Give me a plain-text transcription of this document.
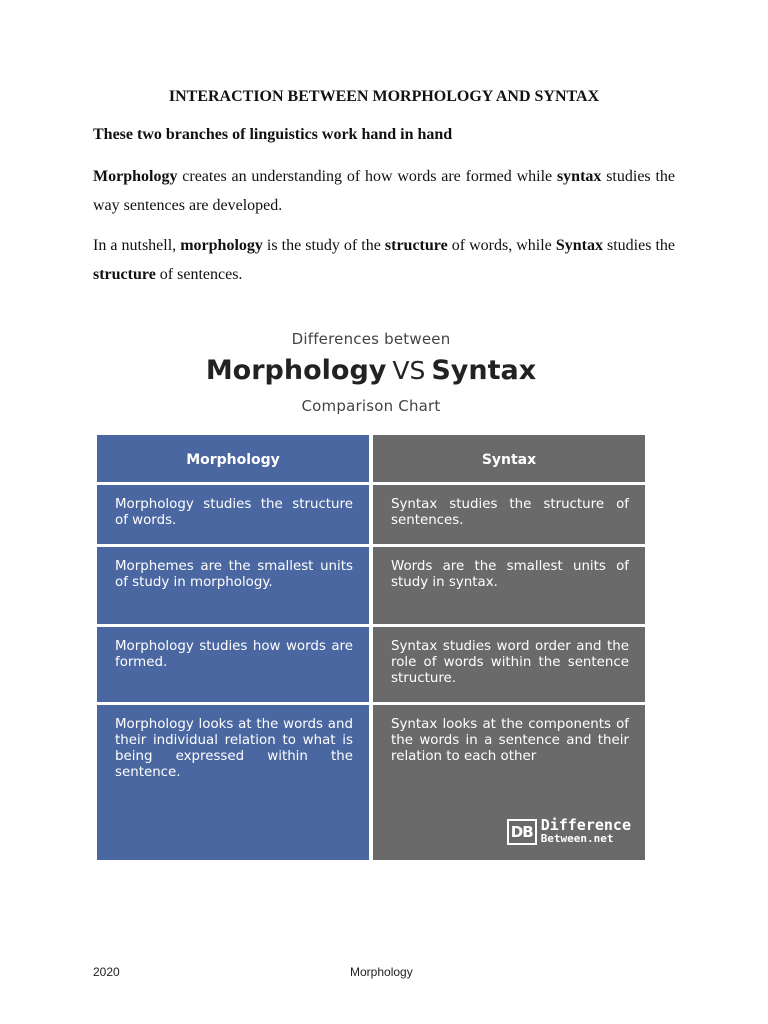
INTERACTION BETWEEN MORPHOLOGY AND SYNTAX
These two branches of linguistics work hand in hand
Morphology creates an understanding of how words are formed while syntax studies the way sentences are developed.
In a nutshell, morphology is the study of the structure of words, while Syntax studies the structure of sentences.
Differences between
Morphology VS Syntax
Comparison Chart
Morphology	Syntax
Morphology studies the structure of words.
Syntax studies the structure of sentences.
Morphemes are the smallest units of study in morphology.
Words are the smallest units of study in syntax.
Morphology studies how words are formed.
Syntax studies word order and the role of words within the sentence structure.
Morphology looks at the words and their individual relation to what is being expressed within the sentence.
Syntax looks at the components of the words in a sentence and their relation to each other
DB Difference
Between.net
2020	Morphology
